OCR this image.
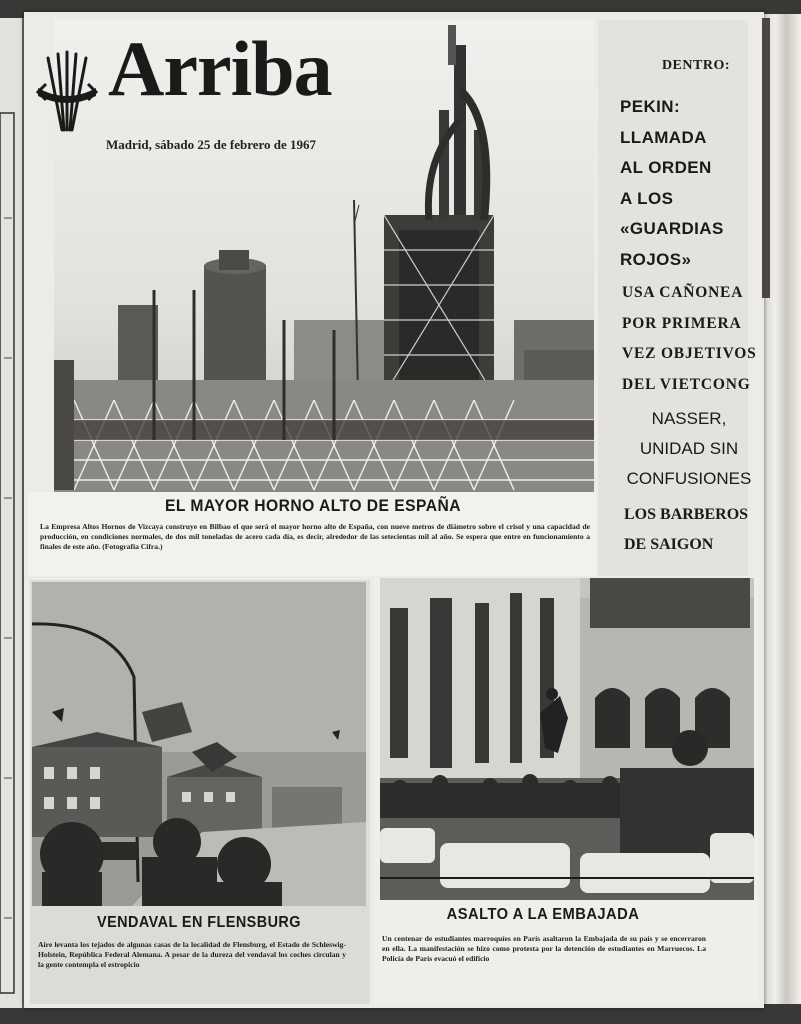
Arriba
Madrid, sábado 25 de febrero de 1967
EL MAYOR HORNO ALTO DE ESPAÑA
La Empresa Altos Hornos de Vizcaya construye en Bilbao el que será el mayor horno alto de España, con nueve metros de diámetro sobre el crisol y una capacidad de producción, en condiciones normales, de dos mil toneladas de acero cada día, es decir, alrededor de las setecientas mil al año. Se espera que entre en funcionamiento a finales de este año. (Fotografía Cifra.)
DENTRO:
PEKIN:
LLAMADA
AL ORDEN
A LOS
«GUARDIAS
ROJOS»
USA CAÑONEA
POR PRIMERA
VEZ OBJETIVOS
DEL VIETCONG
NASSER,
UNIDAD SIN
CONFUSIONES
LOS BARBEROS
DE SAIGON
VENDAVAL EN FLENSBURG
Aire levanta los tejados de algunas casas de la localidad de Flensburg, el Estado de Schleswig-Holstein, República Federal Alemana. A pesar de la dureza del vendaval los coches circulan y la gente contempla el estropicio
ASALTO A LA EMBAJADA
Un centenar de estudiantes marroquíes en París asaltaron la Embajada de su país y se encerraron en ella. La manifestación se hizo como protesta por la detención de estudiantes en Marruecos. La Policía de París evacuó el edificio
